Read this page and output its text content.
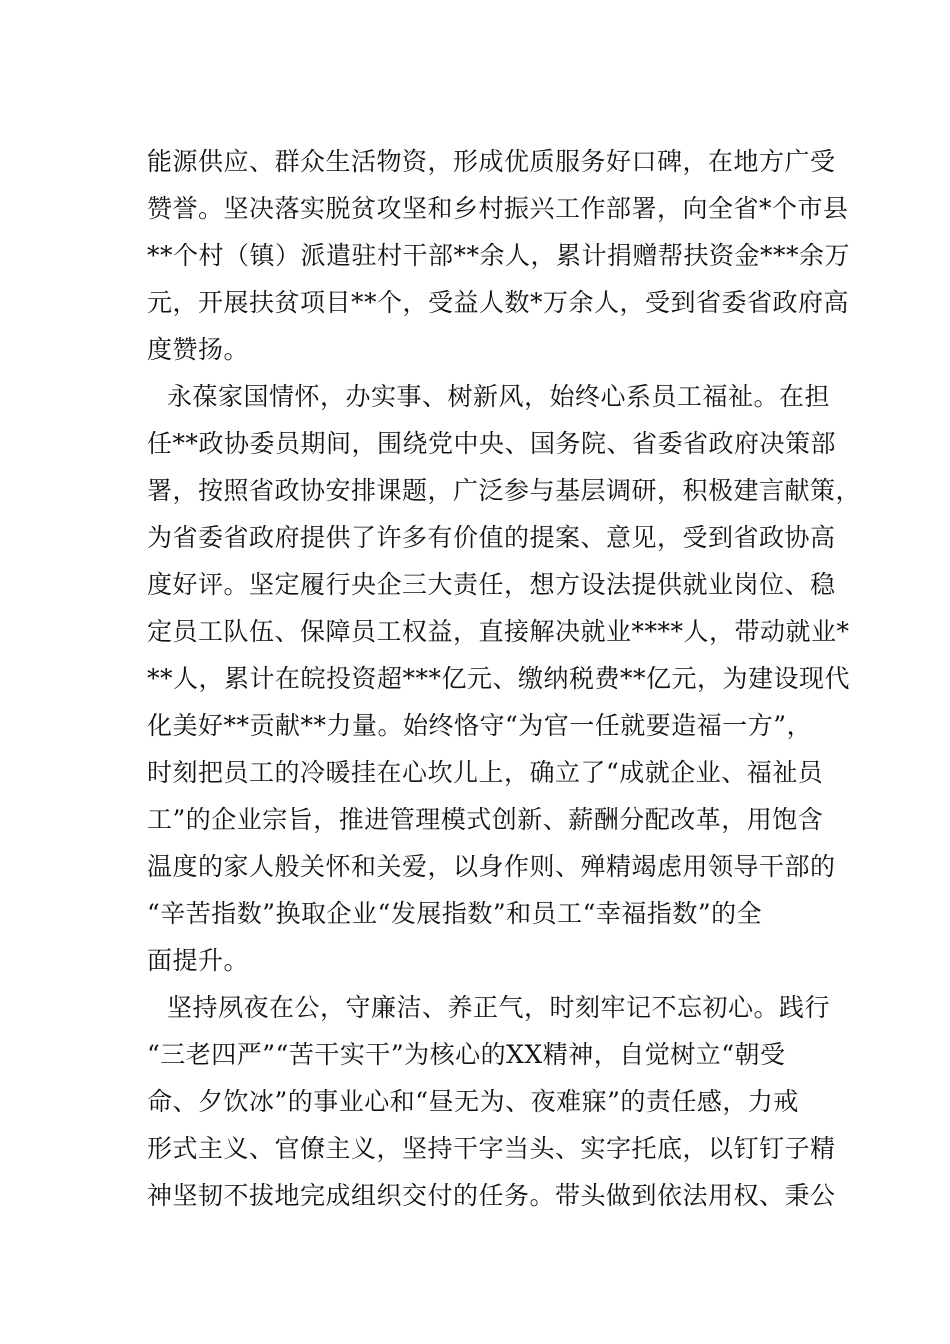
能源供应、群众生活物资，形成优质服务好口碑，在地方广受
赞誉。坚决落实脱贫攻坚和乡村振兴工作部署，向全省*个市县
**个村（镇）派遣驻村干部**余人，累计捐赠帮扶资金***余万
元，开展扶贫项目**个，受益人数*万余人，受到省委省政府高
度赞扬。
永葆家国情怀，办实事、树新风，始终心系员工福祉。在担
任**政协委员期间，围绕党中央、国务院、省委省政府决策部
署，按照省政协安排课题，广泛参与基层调研，积极建言献策，
为省委省政府提供了许多有价值的提案、意见，受到省政协高
度好评。坚定履行央企三大责任，想方设法提供就业岗位、稳
定员工队伍、保障员工权益，直接解决就业****人，带动就业*
**人，累计在皖投资超***亿元、缴纳税费**亿元，为建设现代
化美好**贡献**力量。始终恪守“为官一任就要造福一方”，
时刻把员工的冷暖挂在心坎儿上，确立了“成就企业、福祉员
工”的企业宗旨，推进管理模式创新、薪酬分配改革，用饱含
温度的家人般关怀和关爱，以身作则、殚精竭虑用领导干部的
“辛苦指数”换取企业“发展指数”和员工“幸福指数”的全
面提升。
坚持夙夜在公，守廉洁、养正气，时刻牢记不忘初心。践行
“三老四严”“苦干实干”为核心的XX精神，自觉树立“朝受
命、夕饮冰”的事业心和“昼无为、夜难寐”的责任感，力戒
形式主义、官僚主义，坚持干字当头、实字托底，以钉钉子精
神坚韧不拔地完成组织交付的任务。带头做到依法用权、秉公
